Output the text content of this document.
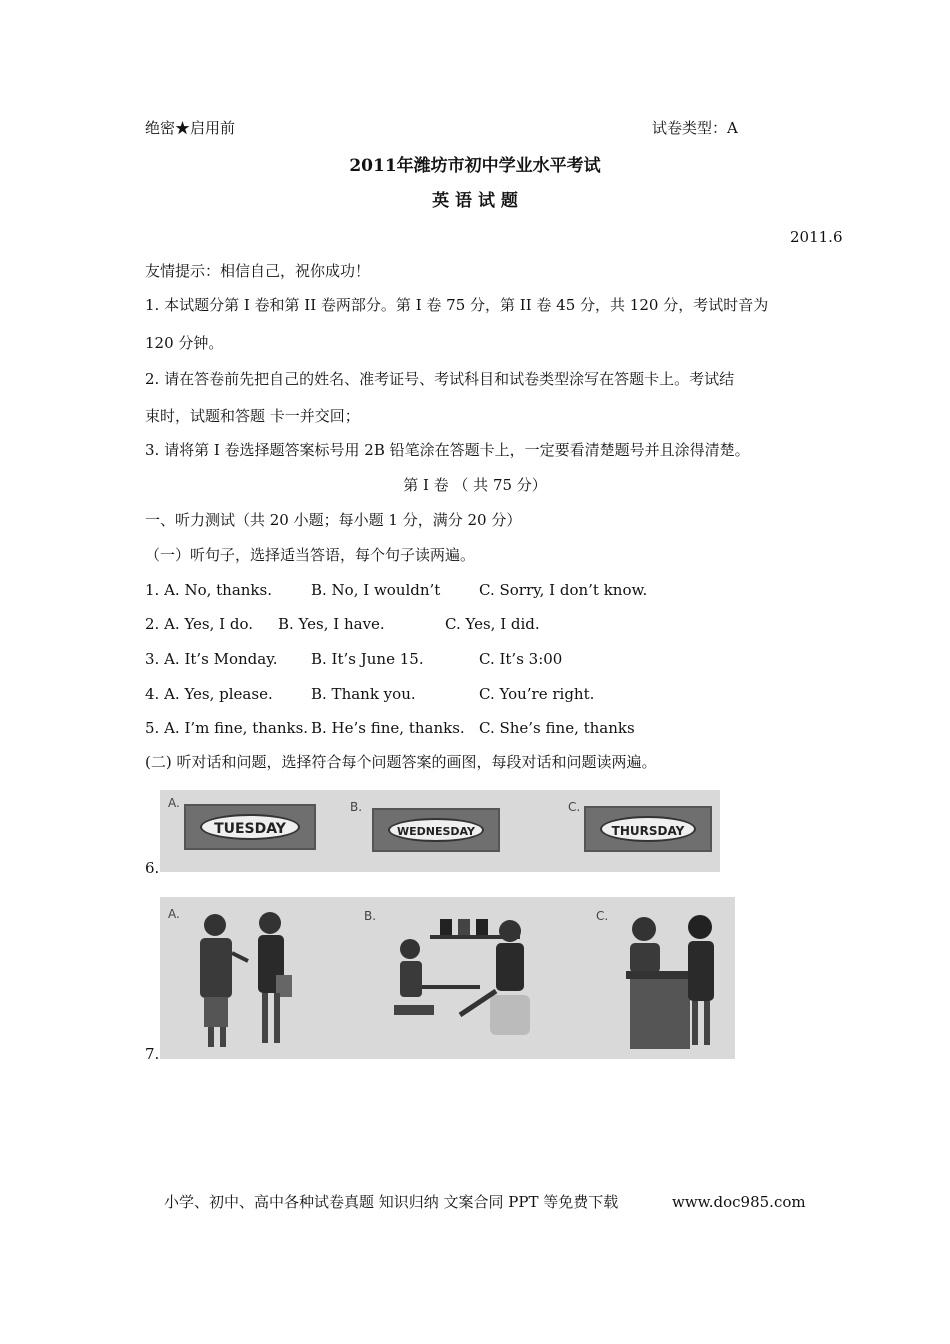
绝密★启用前	试卷类型：A
2011年潍坊市初中学业水平考试
英 语 试 题
2011.6
友情提示：相信自己，祝你成功！
1. 本试题分第 I 卷和第 II 卷两部分。第 I 卷 75 分，第 II 卷 45 分，共 120 分，考试时音为
120 分钟。
2. 请在答卷前先把自己的姓名、准考证号、考试科目和试卷类型涂写在答题卡上。考试结
束时，试题和答题 卡一并交回；
3. 请将第 I 卷选择题答案标号用 2B 铅笔涂在答题卡上，一定要看清楚题号并且涂得清楚。
第 I 卷 （ 共 75 分）
一、听力测试（共 20 小题；每小题 1 分，满分 20 分）
（一）听句子，选择适当答语，每个句子读两遍。
1. A. No, thanks.	B. No, I wouldn’t	C. Sorry, I don’t know.
2. A. Yes, I do. B. Yes, I have.	C. Yes, I did.
3. A. It’s Monday. B. It’s June 15.	C. It’s 3:00
4. A. Yes, please.	B. Thank you.	C. You’re right.
5. A. I’m fine, thanks. B. He’s fine, thanks. C. She’s fine, thanks
(二) 听对话和问题，选择符合每个问题答案的画图，每段对话和问题读两遍。
6.
A.
TUESDAY
B.
WEDNESDAY
C.
THURSDAY
7.
A.	B.	C.
小学、初中、高中各种试卷真题 知识归纳 文案合同 PPT 等免费下载	www.doc985.com
